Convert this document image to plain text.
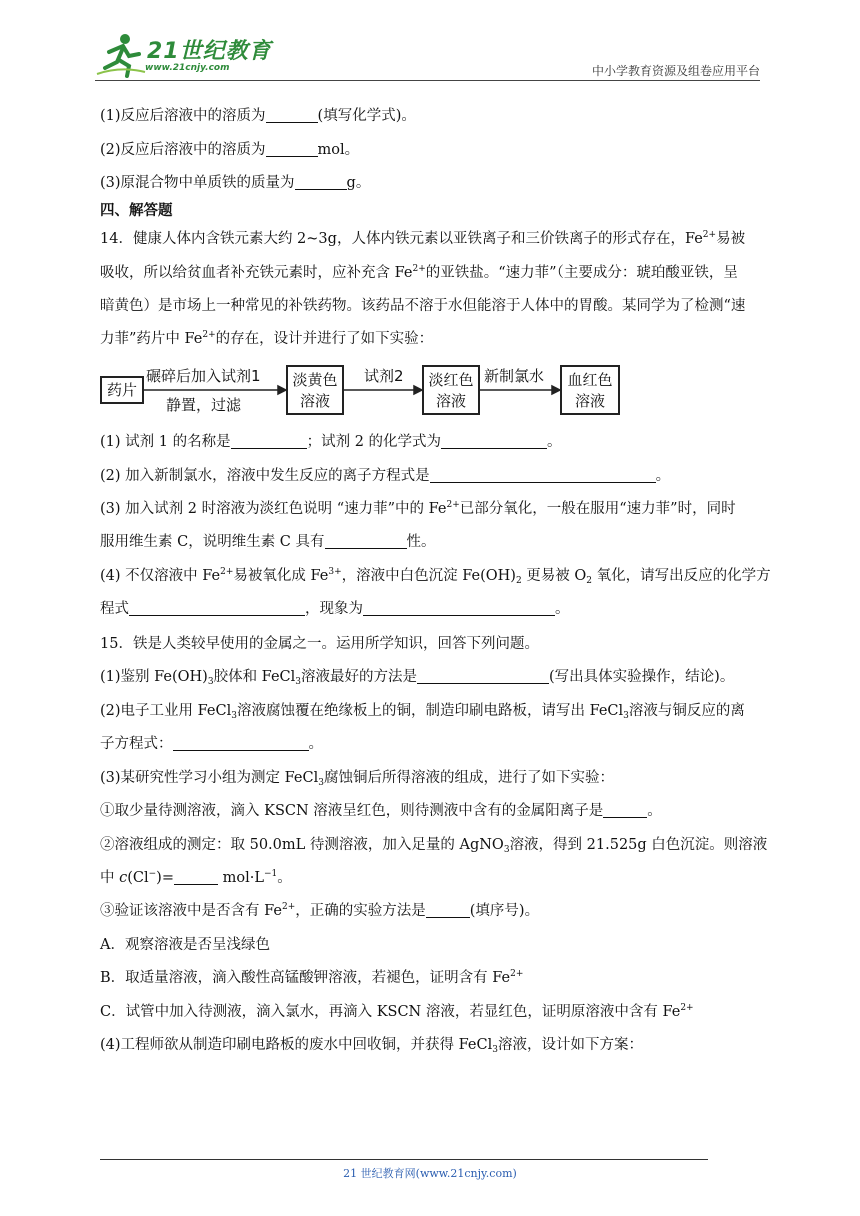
21世纪教育
www.21cnjy.com	中小学教育资源及组卷应用平台
(1)反应后溶液中的溶质为	(填写化学式)。
(2)反应后溶液中的溶质为	mol。
(3)原混合物中单质铁的质量为	g。
四、解答题
14．健康人体内含铁元素大约 2~3g，人体内铁元素以亚铁离子和三价铁离子的形式存在，$Fe^{2+}$易被
吸收，所以给贫血者补充铁元素时，应补充含 $Fe^{2+}$的亚铁盐。“速力菲”（主要成分：琥珀酸亚铁，呈
暗黄色）是市场上一种常见的补铁药物。该药品不溶于水但能溶于人体中的胃酸。某同学为了检测“速
力菲”药片中 $Fe^{2+}$的存在，设计并进行了如下实验：
药片
碾碎后加入试剂1
静置，过滤
淡黄色
溶液
试剂2 淡红色
溶液
新制氯水	血红色
溶液
(1) 试剂 1 的名称是	；试剂 2 的化学式为	。
(2) 加入新制氯水，溶液中发生反应的离子方程式是	。
(3) 加入试剂 2 时溶液为淡红色说明 “速力菲”中的 $Fe^{2+}$已部分氧化，一般在服用“速力菲”时，同时
服用维生素 C，说明维生素 C 具有	性。
(4) 不仅溶液中 $Fe^{2+}$易被氧化成 $Fe^{3+}$，溶液中白色沉淀 $Fe(OH)_2$ 更易被 $O_2$ 氧化，请写出反应的化学方
程式	，现象为	。
15．铁是人类较早使用的金属之一。运用所学知识，回答下列问题。
(1)鉴别 $Fe(OH)_3$胶体和 FeCl$_3$溶液最好的方法是	(写出具体实验操作，结论)。
(2)电子工业用 FeCl$_3$溶液腐蚀覆在绝缘板上的铜，制造印刷电路板，请写出 FeCl$_3$溶液与铜反应的离
子方程式：	。
(3)某研究性学习小组为测定 FeCl$_3$腐蚀铜后所得溶液的组成，进行了如下实验：
①取少量待测溶液，滴入 KSCN 溶液呈红色，则待测液中含有的金属阳离子是	。
②溶液组成的测定：取 50.0mL 待测溶液，加入足量的 AgNO$_3$溶液，得到 21.525g 白色沉淀。则溶液
中 c(Cl−)=	$mol\cdot L^{-1}$。
③验证该溶液中是否含有 $Fe^{2+}$，正确的实验方法是	(填序号)。
A．观察溶液是否呈浅绿色
B．取适量溶液，滴入酸性高锰酸钾溶液，若褪色，证明含有 $Fe^{2+}$
C．试管中加入待测液，滴入氯水，再滴入 KSCN 溶液，若显红色，证明原溶液中含有 $Fe^{2+}$
(4)工程师欲从制造印刷电路板的废水中回收铜，并获得 FeCl$_3$溶液，设计如下方案：
21 世纪教育网(www.21cnjy.com)
